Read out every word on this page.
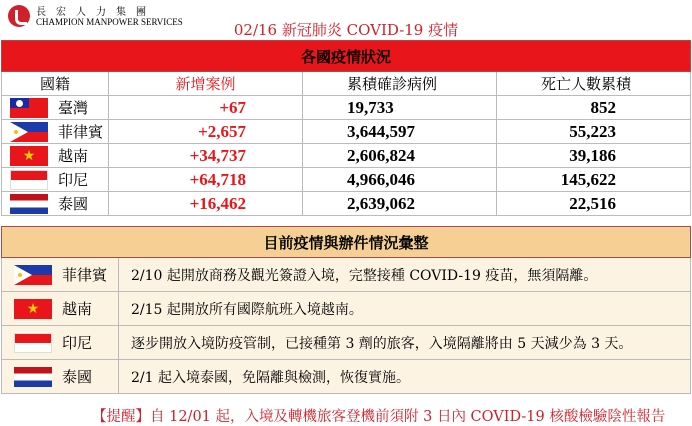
長宏人力集團
CHAMPION MANPOWER SERVICES	02/16 新冠肺炎 COVID-19 疫情
各國疫情狀況
國籍	新增案例	累積確診病例	死亡人數累積
臺灣	+67	19,733	852
菲律賓	+2,657	3,644,597	55,223
★	越南	+34,737	2,606,824	39,186
印尼	+64,718	4,966,046	145,622
泰國	+16,462	2,639,062	22,516
目前疫情與辦件情況彙整
菲律賓	2/10 起開放商務及觀光簽證入境，完整接種 COVID-19 疫苗，無須隔離。
★	越南	2/15 起開放所有國際航班入境越南。
印尼	逐步開放入境防疫管制，已接種第 3 劑的旅客，入境隔離將由 5 天減少為 3 天。
泰國	2/1 起入境泰國，免隔離與檢測，恢復實施。
【提醒】自 12/01 起，入境及轉機旅客登機前須附 3 日內 COVID-19 核酸檢驗陰性報告
